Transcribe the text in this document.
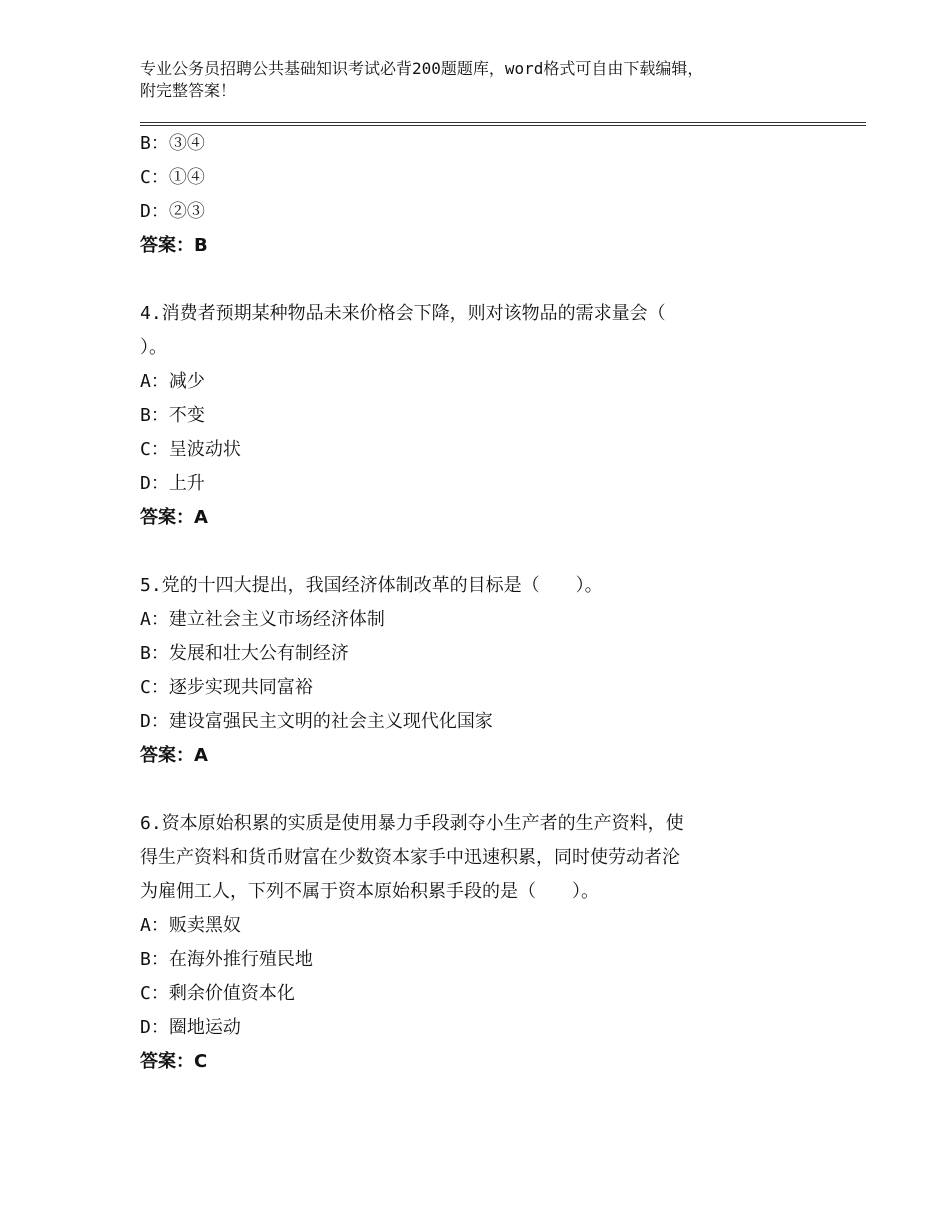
专业公务员招聘公共基础知识考试必背200题题库，word格式可自由下载编辑，
附完整答案！
B：③④
C：①④
D：②③
答案：B
4.消费者预期某种物品未来价格会下降，则对该物品的需求量会（
）。
A：减少
B：不变
C：呈波动状
D：上升
答案：A
5.党的十四大提出，我国经济体制改革的目标是（　　）。
A：建立社会主义市场经济体制
B：发展和壮大公有制经济
C：逐步实现共同富裕
D：建设富强民主文明的社会主义现代化国家
答案：A
6.资本原始积累的实质是使用暴力手段剥夺小生产者的生产资料，使
得生产资料和货币财富在少数资本家手中迅速积累，同时使劳动者沦
为雇佣工人，下列不属于资本原始积累手段的是（　　）。
A：贩卖黑奴
B：在海外推行殖民地
C：剩余价值资本化
D：圈地运动
答案：C
